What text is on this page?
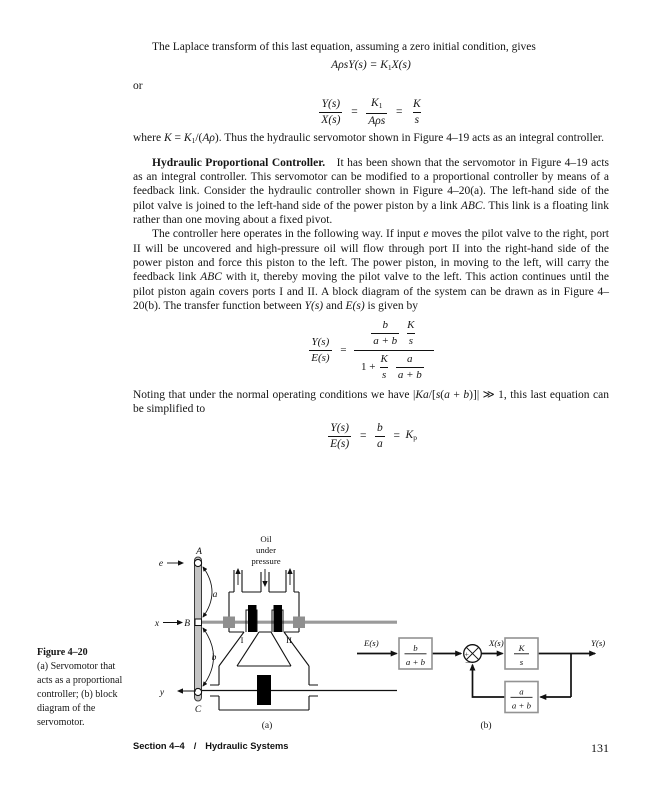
The Laplace transform of this last equation, assuming a zero initial condition, gives

$A\rho sY(s) = K_1X(s)$

or

$\frac{Y(s)}{X(s)} = \frac{K_1}{\text{Aρs}} = \frac{K}{s}$

where $K = K_1/(A\rho)$. Thus the hydraulic servomotor shown in Figure 4–19 acts as an integral controller.

Hydraulic Proportional Controller. It has been shown that the servomotor in Figure 4–19 acts as an integral controller. This servomotor can be modified to a proportional controller by means of a feedback link. Consider the hydraulic controller shown in Figure 4–20(a). The left-hand side of the pilot valve is joined to the left-hand side of the power piston by a link ABC. This link is a floating link rather than one moving about a fixed pivot.

The controller here operates in the following way. If input e moves the pilot valve to the right, port II will be uncovered and high-pressure oil will flow through port II into the right-hand side of the power piston and force this piston to the left. The power piston, in moving to the left, will carry the feedback link ABC with it, thereby moving the pilot valve to the left. This action continues until the pilot piston again covers ports I and II. A block diagram of the system can be drawn as in Figure 4–20(b). The transfer function between Y(s) and E(s) is given by

$\frac{Y(s)}{E(s)}$ =
$\frac{b}{a + b} \frac{K}{s}$
$1 + \frac{K}{s} \frac{a}{a + b}$

Noting that under the normal operating conditions we have |Ka/[s(a + b)]| ≫ 1, this last equation can be simplified to

$\frac{Y(s)}{E(s)} = \frac{b}{a} = K_p$
Figure 4–20
(a) Servomotor that
acts as a proportional
controller; (b) block
diagram of the
servomotor.
A
B
C
e
x
y
a
b
Oil
under
pressure
I	II
(a)
b
a + b
K
s
a
a + b
+
−
E(s)	X(s)	Y(s)
(b)
Section 4–4 / Hydraulic Systems	131
